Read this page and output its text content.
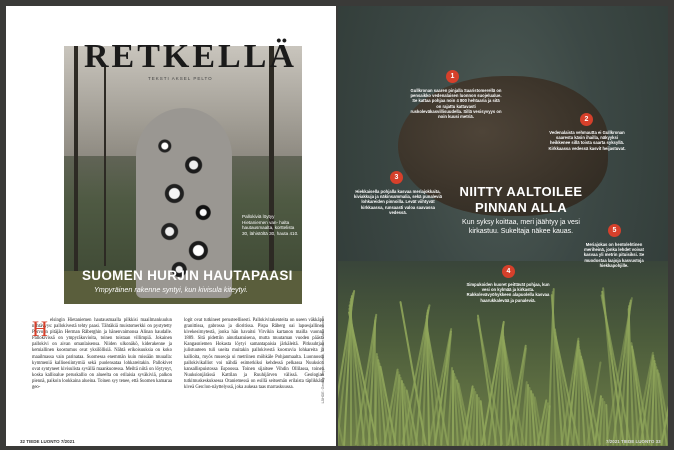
Pallokiviä löytyy Hietaniemen van- halta hautausmaalta, korttelista 30, lähistöltä 30, hauta 410.
SUOMEN HURJIN HAUTAPAASI
Ympyräinen rakenne syntyi, kun kivisula kiteytyi.
RETKELLÄ
TEKSTI AKSEL PELTO
H elsingin Hietaniemen hautausmaalla pilkkisi maailmankuulun nähtävyys: pallokivestä tehty paasi. Tähtäkiä muistomerkki on pystytetty Porvoon pitäjän Herman Råberghin ja hänenvaimonsa Alinan haudalle. Pallokivissä on ympyräkuvioita, toinen toistaan villimpiä. Jokainen pallokivi on aivan omanlaisensa. Niiden ulkonäkö, kiderakenne ja kemiallinen koostumus ovat yksilöllisiä. Nähtä erikoisuuksia on koko maailmassa vain parinataa. Suomessa enemmän kuin missään muualla: kymmeniä kallioesiintymiä sekä puolensataa lohkareitakin. Pallokivet ovat syntyneet kivisulista syvällä maankuoressa. Meiltä niitä on löytynyt, koska kallioalue peruskallio on alueelta on erilaisia syväkiviä, palkon piennä, paikoin lookkaina alueina. Toinen syy tenee, että Suomen kamaraa geo-

logit ovat tutkineet perusteellisesti. Pallokivirakenteita on useen väkkäpa granittissa, gabrossa ja dioritissa. Pispa Råberg oai lapsesjallinen kivekesirnytestä, jonka hän havaitsi Virvikin kartanon mailla vuonna 1889. Sitä pidettiin ainutlaatuisena, mutta muutaman vuoden päästä Kangasniemen Hokasta löytyi samantapaisia järkäleitä. Pitkuuhtjaa julistuuteen tuli useita muitakin pallokivestä koostuvia lohkareita ja kallioita, myös museoja ui metriinen möhkäle Pohjanmaalta. Luonnossa pallokivikalliot voi nähdä esimerkiksi kehdessä pelkassa Nuuksion kansallispuistossa Espoossa. Toinen sijaitsee Vihdin Ollilassa, toinen Nuuksionjärässä Kattilan ja Ruuhijärven välissä. Geologian tutkimuskeskuksessa Otaniemessä on esillä seitsemän erilaista täplikkätä kiveä Geo:lon-näyttelyssä, joka aukeaa taas marraskuussa.	LÄHDE: Geologi Seppo I. Lahti, kuvaan: Jukka Itkonen
32 TIEDE LUONTO 7/2021
1
Gullkronan saaren pinjalla Saaristomerellä on pensaikko vedenalaisen luonnon suojelualue. Se kattaa pohjaa noin 4 800 hehtaaria ja sitä on rajattu kattavasti ruskoleväkasvillisuudella. Sillä vesisyvyys on noin kuusi metriä.	2
Vedenalaista vehmautta ei Gullkronan saaresta käsin ihailla, näkyyksi heikkenee sillä toista saarta syksyllä. Kirkkaassa vedessä kasvit heijastuvat.
3
Hiekkaisella pohjalla kasvaa meriajokkaita, kiviakkuja ja näkinsammalia, sekä punaleviä lohkareiden pinnoilla. Levät viihtyvät kirkkaassa, runsaasti valoa saavassa vedessä.
4
Simpukoiden kuoret peittävät pohjaa, kun vesi on kylmää ja kirkasta. Rakkolevävyöhykkeen alapuolella kasvaa haarukkalevää ja punaleviä.
5
Meriajokas on hentolehtinen meriheinä, jonka lehdet voivat kasvaa yli metrin pituisiksi. Se muodostaa laajoja kasvustoja hiekkapohjille.
NIITTY AALTOILEE PINNAN ALLA
Kun syksy koittaa, meri jäähtyy ja vesi kirkastuu. Sukeltaja näkee kauas.
7/2021 TIEDE LUONTO 33
